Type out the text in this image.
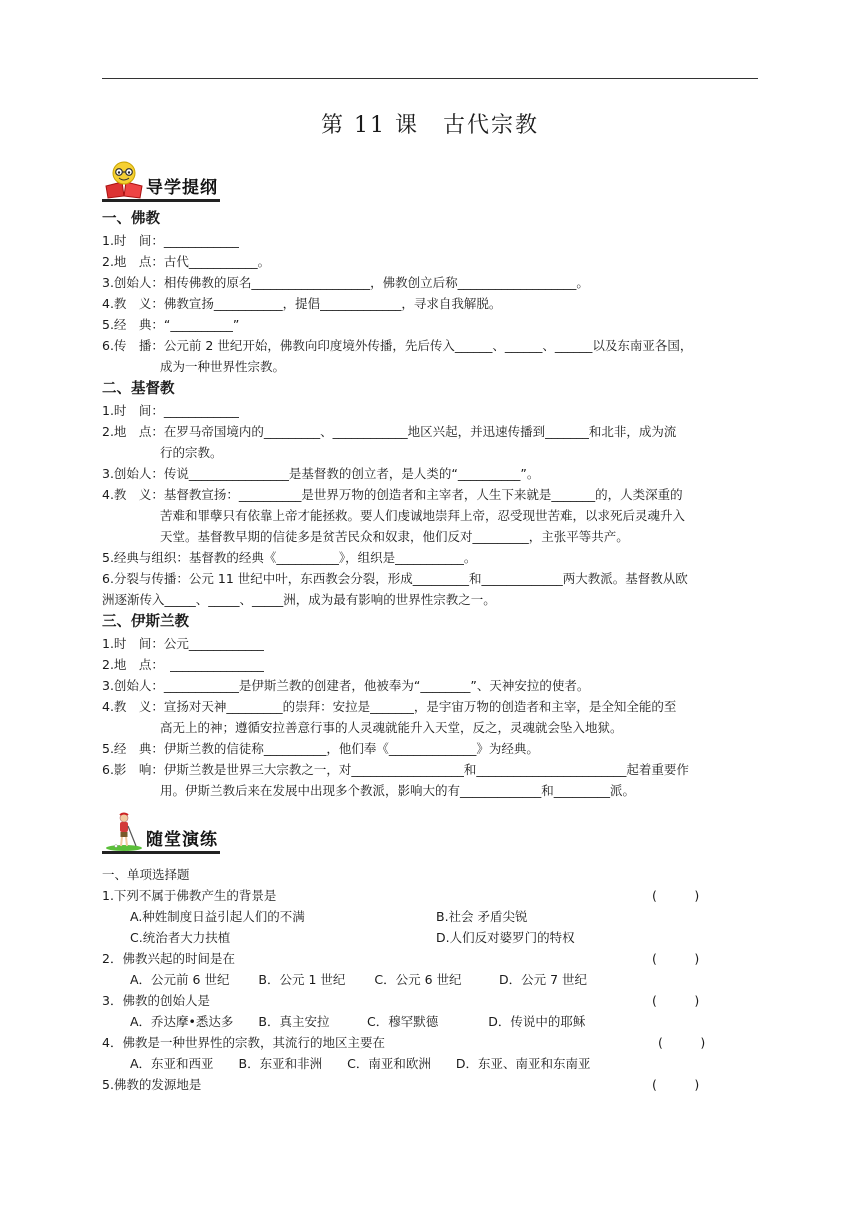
第 11 课　古代宗教
导学提纲
一、佛教
1.时　间：____________
2.地　点：古代___________。
3.创始人：相传佛教的原名___________________，佛教创立后称___________________。
4.教　义：佛教宣扬___________，提倡_____________，寻求自我解脱。
5.经　典：“__________”
6.传　播：公元前 2 世纪开始，佛教向印度境外传播，先后传入______、______、______以及东南亚各国，
成为一种世界性宗教。
二、基督教
1.时　间：____________
2.地　点：在罗马帝国境内的_________、____________地区兴起，并迅速传播到_______和北非，成为流
行的宗教。
3.创始人：传说________________是基督教的创立者，是人类的“__________”。
4.教　义：基督教宣扬：__________是世界万物的创造者和主宰者，人生下来就是_______的，人类深重的
苦难和罪孽只有依靠上帝才能拯救。要人们虔诚地崇拜上帝，忍受现世苦难，以求死后灵魂升入
天堂。基督教早期的信徒多是贫苦民众和奴隶，他们反对_________，主张平等共产。
5.经典与组织：基督教的经典《__________》，组织是___________。
6.分裂与传播：公元 11 世纪中叶，东西教会分裂，形成_________和_____________两大教派。基督教从欧
洲逐渐传入_____、_____、_____洲，成为最有影响的世界性宗教之一。
三、伊斯兰教
1.时　间：公元____________
2.地　点：　_______________
3.创始人：____________是伊斯兰教的创建者，他被奉为“________”、天神安拉的使者。
4.教　义：宣扬对天神_________的崇拜：安拉是_______，是宇宙万物的创造者和主宰，是全知全能的至
高无上的神；遵循安拉善意行事的人灵魂就能升入天堂，反之，灵魂就会坠入地狱。
5.经　典：伊斯兰教的信徒称__________，他们奉《______________》为经典。
6.影　响：伊斯兰教是世界三大宗教之一，对__________________和________________________起着重要作
用。伊斯兰教后来在发展中出现多个教派，影响大的有_____________和_________派。
随堂演练
一、单项选择题
1.下列不属于佛教产生的背景是	(　　　)
A.种姓制度日益引起人们的不满	B.社会 矛盾尖锐
C.统治者大力扶植	D.人们反对婆罗门的特权
2．佛教兴起的时间是在	(　　　)
A．公元前 6 世纪　　 B．公元 1 世纪　　 C．公元 6 世纪　　　D．公元 7 世纪
3．佛教的创始人是	(　　　)
A．乔达摩•悉达多　　B．真主安拉　　　C．穆罕默德　　　　D．传说中的耶稣
4．佛教是一种世界性的宗教，其流行的地区主要在	(　　　)
A．东亚和西亚　　B．东亚和非洲　　C．南亚和欧洲　　D．东亚、南亚和东南亚
5.佛教的发源地是	(　　　)
